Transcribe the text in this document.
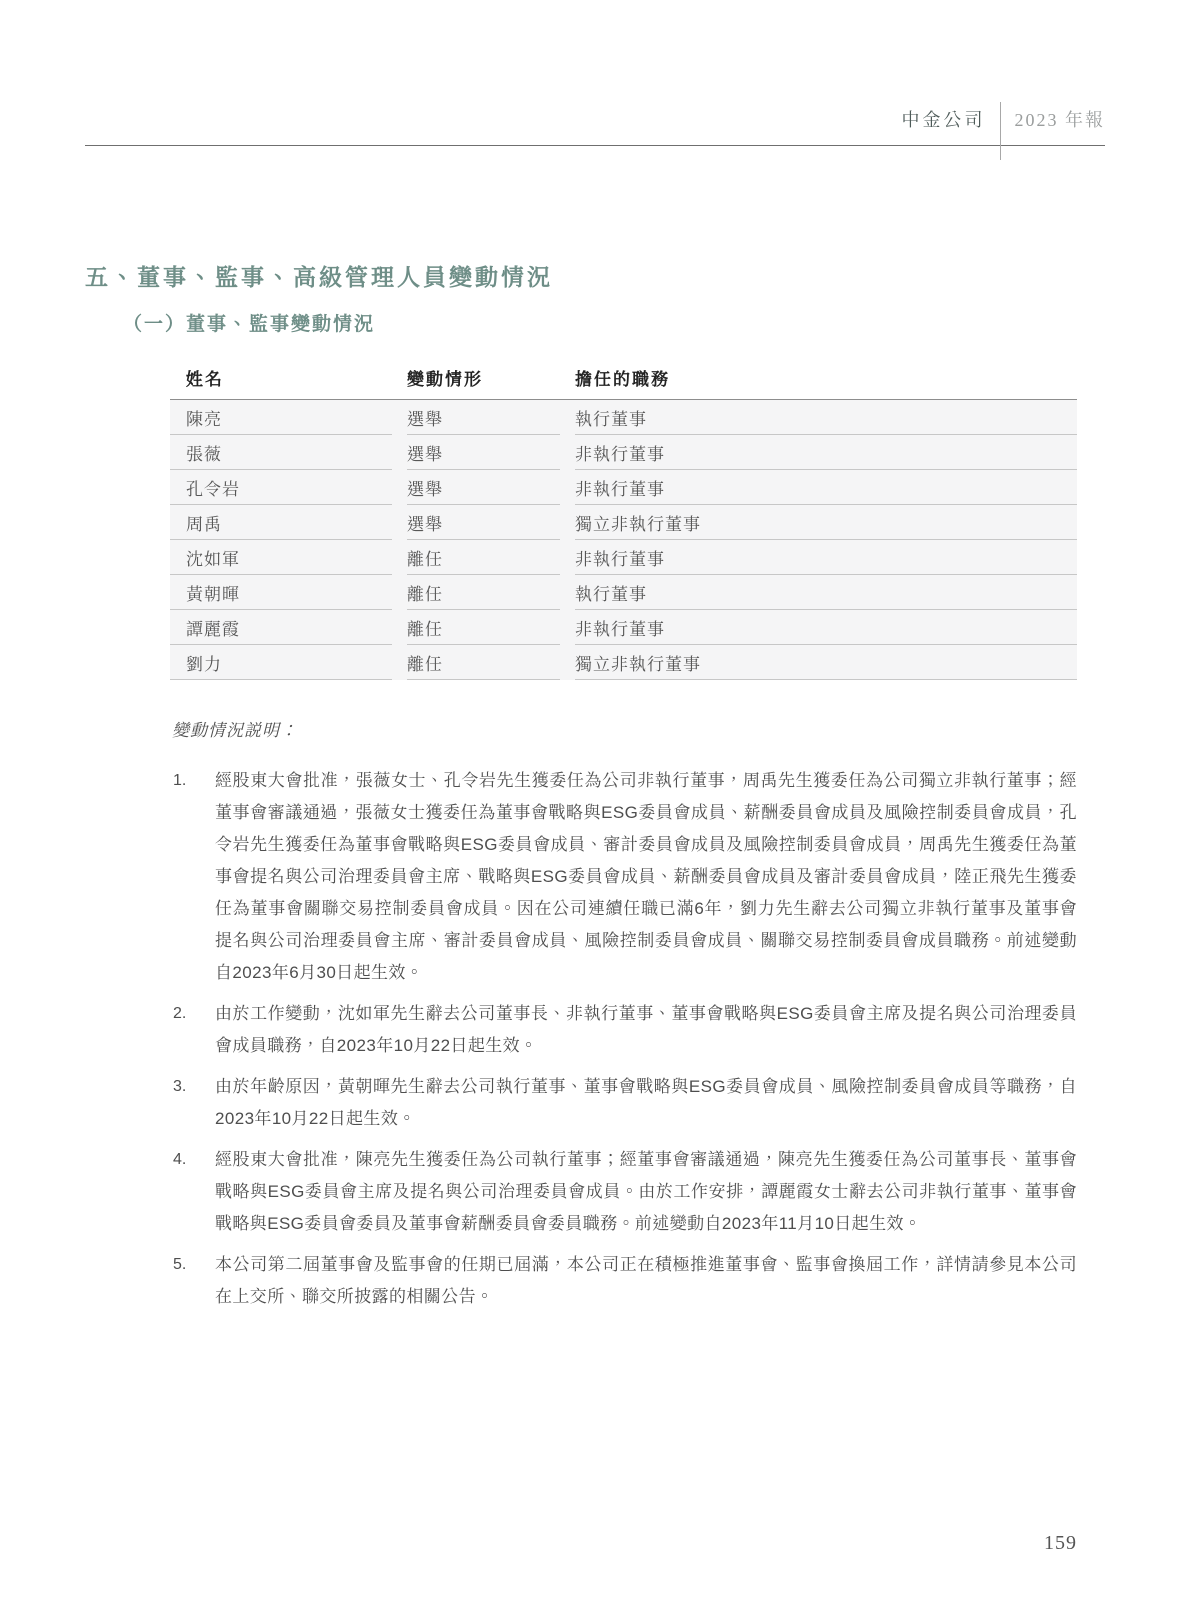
中金公司 2023 年報
五、董事、監事、高級管理人員變動情況
（一）董事、監事變動情況
姓名	變動情形	擔任的職務
陳亮	選舉	執行董事
張薇	選舉	非執行董事
孔令岩	選舉	非執行董事
周禹	選舉	獨立非執行董事
沈如軍	離任	非執行董事
黃朝暉	離任	執行董事
譚麗霞	離任	非執行董事
劉力	離任	獨立非執行董事

變動情況説明：

1.	經股東大會批准，張薇女士、孔令岩先生獲委任為公司非執行董事，周禹先生獲委任為公司獨立非執行董事；經董事會審議通過，張薇女士獲委任為董事會戰略與ESG委員會成員、薪酬委員會成員及風險控制委員會成員，孔令岩先生獲委任為董事會戰略與ESG委員會成員、審計委員會成員及風險控制委員會成員，周禹先生獲委任為董事會提名與公司治理委員會主席、戰略與ESG委員會成員、薪酬委員會成員及審計委員會成員，陸正飛先生獲委任為董事會關聯交易控制委員會成員。因在公司連續任職已滿6年，劉力先生辭去公司獨立非執行董事及董事會提名與公司治理委員會主席、審計委員會成員、風險控制委員會成員、關聯交易控制委員會成員職務。前述變動自2023年6月30日起生效。

2.	由於工作變動，沈如軍先生辭去公司董事長、非執行董事、董事會戰略與ESG委員會主席及提名與公司治理委員會成員職務，自2023年10月22日起生效。

3.	由於年齡原因，黃朝暉先生辭去公司執行董事、董事會戰略與ESG委員會成員、風險控制委員會成員等職務，自2023年10月22日起生效。

4.	經股東大會批准，陳亮先生獲委任為公司執行董事；經董事會審議通過，陳亮先生獲委任為公司董事長、董事會戰略與ESG委員會主席及提名與公司治理委員會成員。由於工作安排，譚麗霞女士辭去公司非執行董事、董事會戰略與ESG委員會委員及董事會薪酬委員會委員職務。前述變動自2023年11月10日起生效。

5.	本公司第二屆董事會及監事會的任期已屆滿，本公司正在積極推進董事會、監事會換屆工作，詳情請參見本公司在上交所、聯交所披露的相關公告。

159
